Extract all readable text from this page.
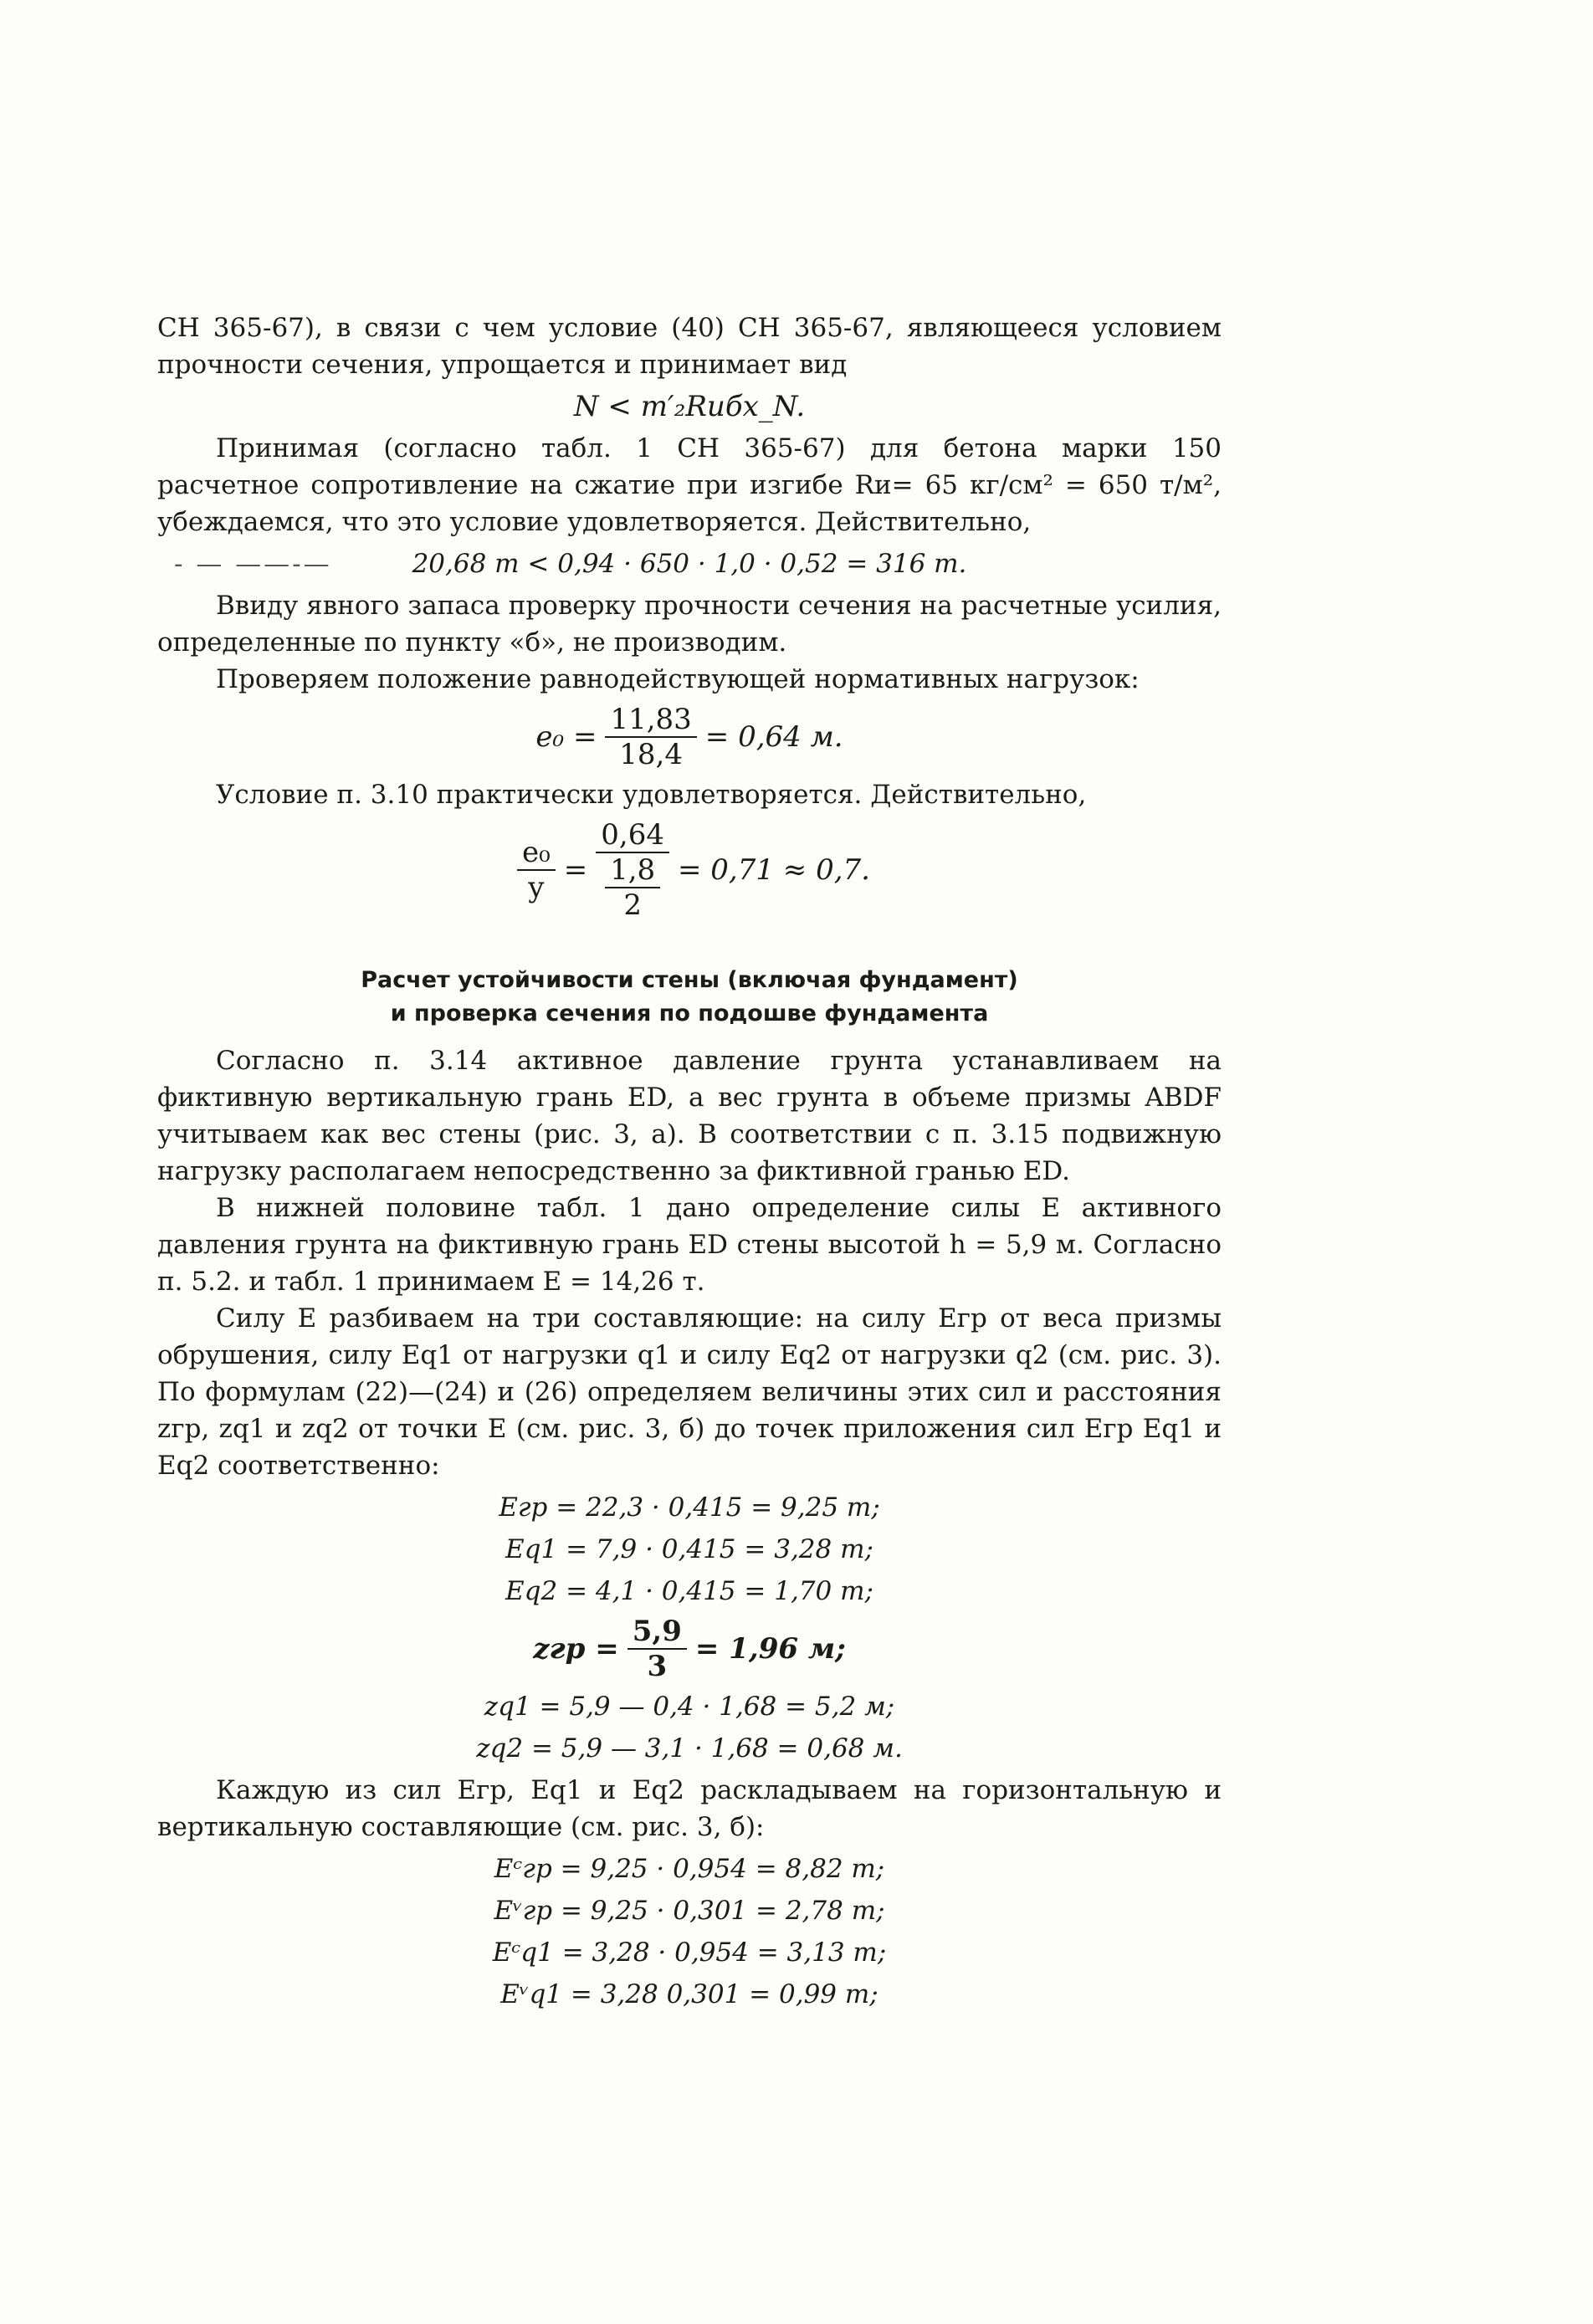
СН 365-67), в связи с чем условие (40) СН 365-67, являющееся условием прочности сечения, упрощается и принимает вид

N < m′₂Rибx_N.

Принимая (согласно табл. 1 СН 365-67) для бетона марки 150 расчетное сопротивление на сжатие при изгибе Rи= 65 кг/см² = 650 т/м², убеждаемся, что это условие удовлетворяется. Действительно,

- — ——-—	20,68 т < 0,94 · 650 · 1,0 · 0,52 = 316 т.

Ввиду явного запаса проверку прочности сечения на расчетные усилия, определенные по пункту «б», не производим.

Проверяем положение равнодействующей нормативных нагрузок:

$e_0 = \frac{11,83}{18,4} = 0,64$ м.

Условие п. 3.10 практически удовлетворяется. Действительно,

$\frac{\text{e₀}}{y} = \frac{0,64}{\frac{1,8}{2}} = 0,71 \approx 0,7$.
Расчет устойчивости стены (включая фундамент)
и проверка сечения по подошве фундамента

Согласно п. 3.14 активное давление грунта устанавливаем на фиктивную вертикальную грань ED, а вес грунта в объеме призмы ABDF учитываем как вес стены (рис. 3, а). В соответствии с п. 3.15 подвижную нагрузку располагаем непосредственно за фиктивной гранью ED.

В нижней половине табл. 1 дано определение силы E активного давления грунта на фиктивную грань ED стены высотой h = 5,9 м. Согласно п. 5.2. и табл. 1 принимаем E = 14,26 т.

Силу E разбиваем на три составляющие: на силу Eгр от веса призмы обрушения, силу Eq1 от нагрузки q1 и силу Eq2 от нагрузки q2 (см. рис. 3). По формулам (22)—(24) и (26) определяем величины этих сил и расстояния zгр, zq1 и zq2 от точки E (см. рис. 3, б) до точек приложения сил Eгр Eq1 и Eq2 соответственно:

Eгр = 22,3 · 0,415 = 9,25 т;
Eq1 = 7,9 · 0,415 = 3,28 т;
Eq2 = 4,1 · 0,415 = 1,70 т;
zгр = $\frac{5,9}{3} = 1,96$ м;
zq1 = 5,9 — 0,4 · 1,68 = 5,2 м;
zq2 = 5,9 — 3,1 · 1,68 = 0,68 м.

Каждую из сил Eгр, Eq1 и Eq2 раскладываем на горизонтальную и вертикальную составляющие (см. рис. 3, б):

Eᶜгр = 9,25 · 0,954 = 8,82 т;
Eᵛгр = 9,25 · 0,301 = 2,78 т;
Eᶜq1 = 3,28 · 0,954 = 3,13 т;
Eᵛq1 = 3,28 0,301 = 0,99 т;
